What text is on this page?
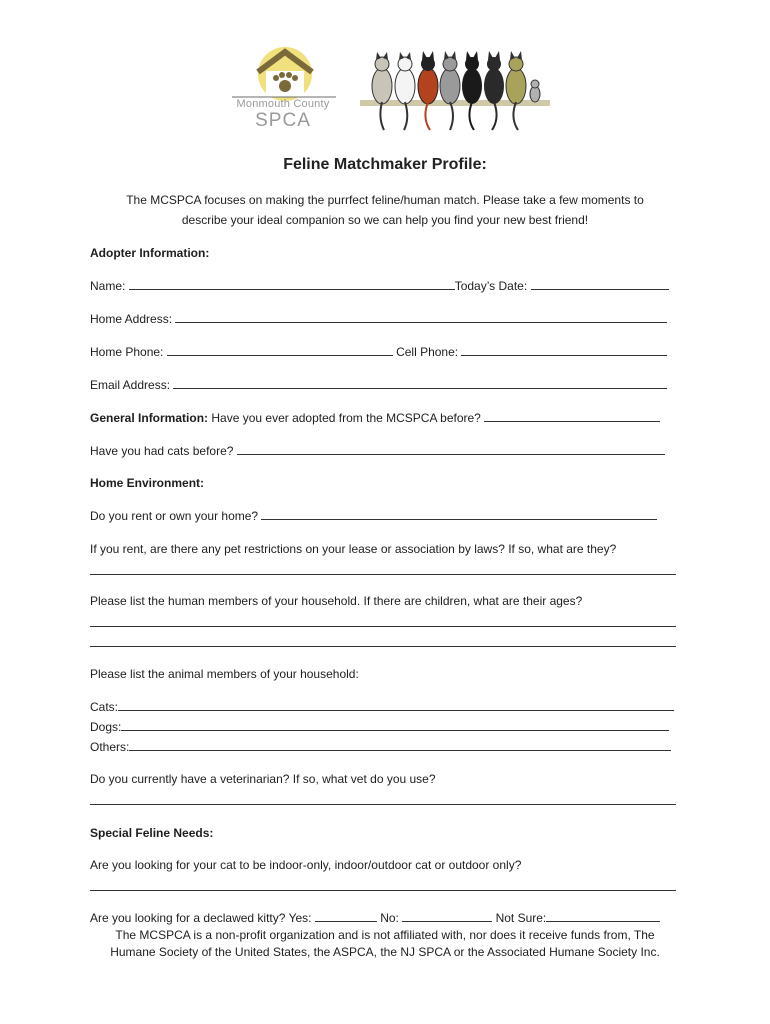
Monmouth County
SPCA
Feline Matchmaker Profile:
The MCSPCA focuses on making the purrfect feline/human match. Please take a few moments to
describe your ideal companion so we can help you find your new best friend!
Adopter Information:
Name:	Today’s Date:
Home Address:
Home Phone:	Cell Phone:
Email Address:
General Information: Have you ever adopted from the MCSPCA before?
Have you had cats before?
Home Environment:
Do you rent or own your home?
If you rent, are there any pet restrictions on your lease or association by laws? If so, what are they?
Please list the human members of your household. If there are children, what are their ages?
Please list the animal members of your household:
Cats:
Dogs:
Others:
Do you currently have a veterinarian? If so, what vet do you use?
Special Feline Needs:
Are you looking for your cat to be indoor-only, indoor/outdoor cat or outdoor only?
Are you looking for a declawed kitty? Yes:	No:	Not Sure:
The MCSPCA is a non-profit organization and is not affiliated with, nor does it receive funds from, The
Humane Society of the United States, the ASPCA, the NJ SPCA or the Associated Humane Society Inc.
